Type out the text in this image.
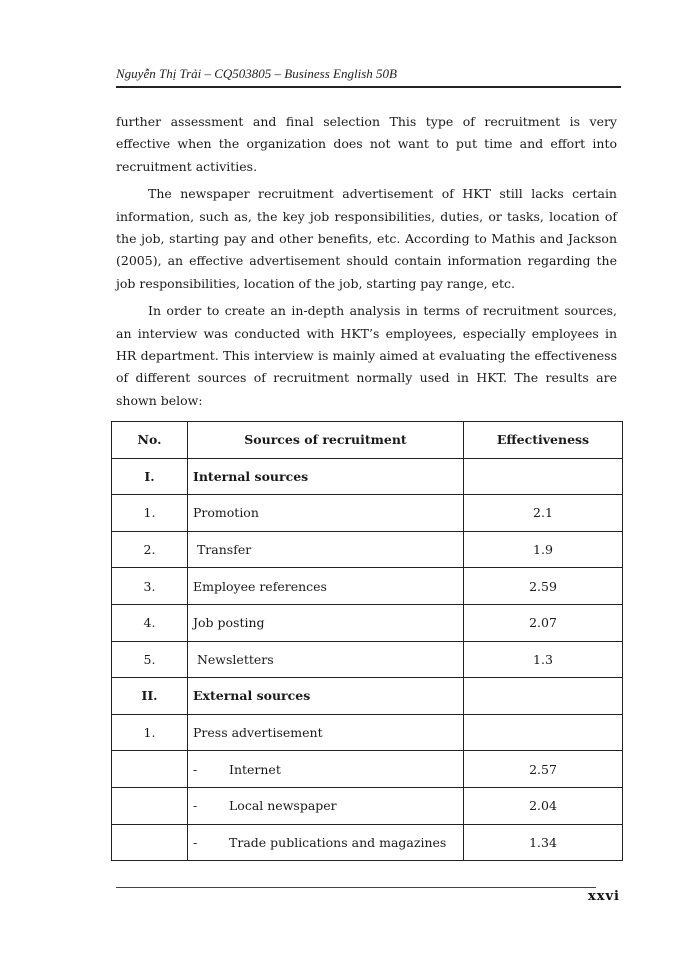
Nguyễn Thị Trải – CQ503805 – Business English 50B

further assessment and final selection This type of recruitment is very effective when the organization does not want to put time and effort into recruitment activities.

The newspaper recruitment advertisement of HKT still lacks certain information, such as, the key job responsibilities, duties, or tasks, location of the job, starting pay and other benefits, etc. According to Mathis and Jackson (2005), an effective advertisement should contain information regarding the job responsibilities, location of the job, starting pay range, etc.

In order to create an in-depth analysis in terms of recruitment sources, an interview was conducted with HKT’s employees, especially employees in HR department. This interview is mainly aimed at evaluating the effectiveness of different sources of recruitment normally used in HKT. The results are shown below:

No.	Sources of recruitment	Effectiveness
I.	Internal sources	
1.	Promotion	2.1
2.	Transfer	1.9
3.	Employee references	2.59
4.	Job posting	2.07
5.	Newsletters	1.3
II.	External sources	
1.	Press advertisement	
	- Internet	2.57
	- Local newspaper	2.04
	- Trade publications and magazines	1.34
xxvi
